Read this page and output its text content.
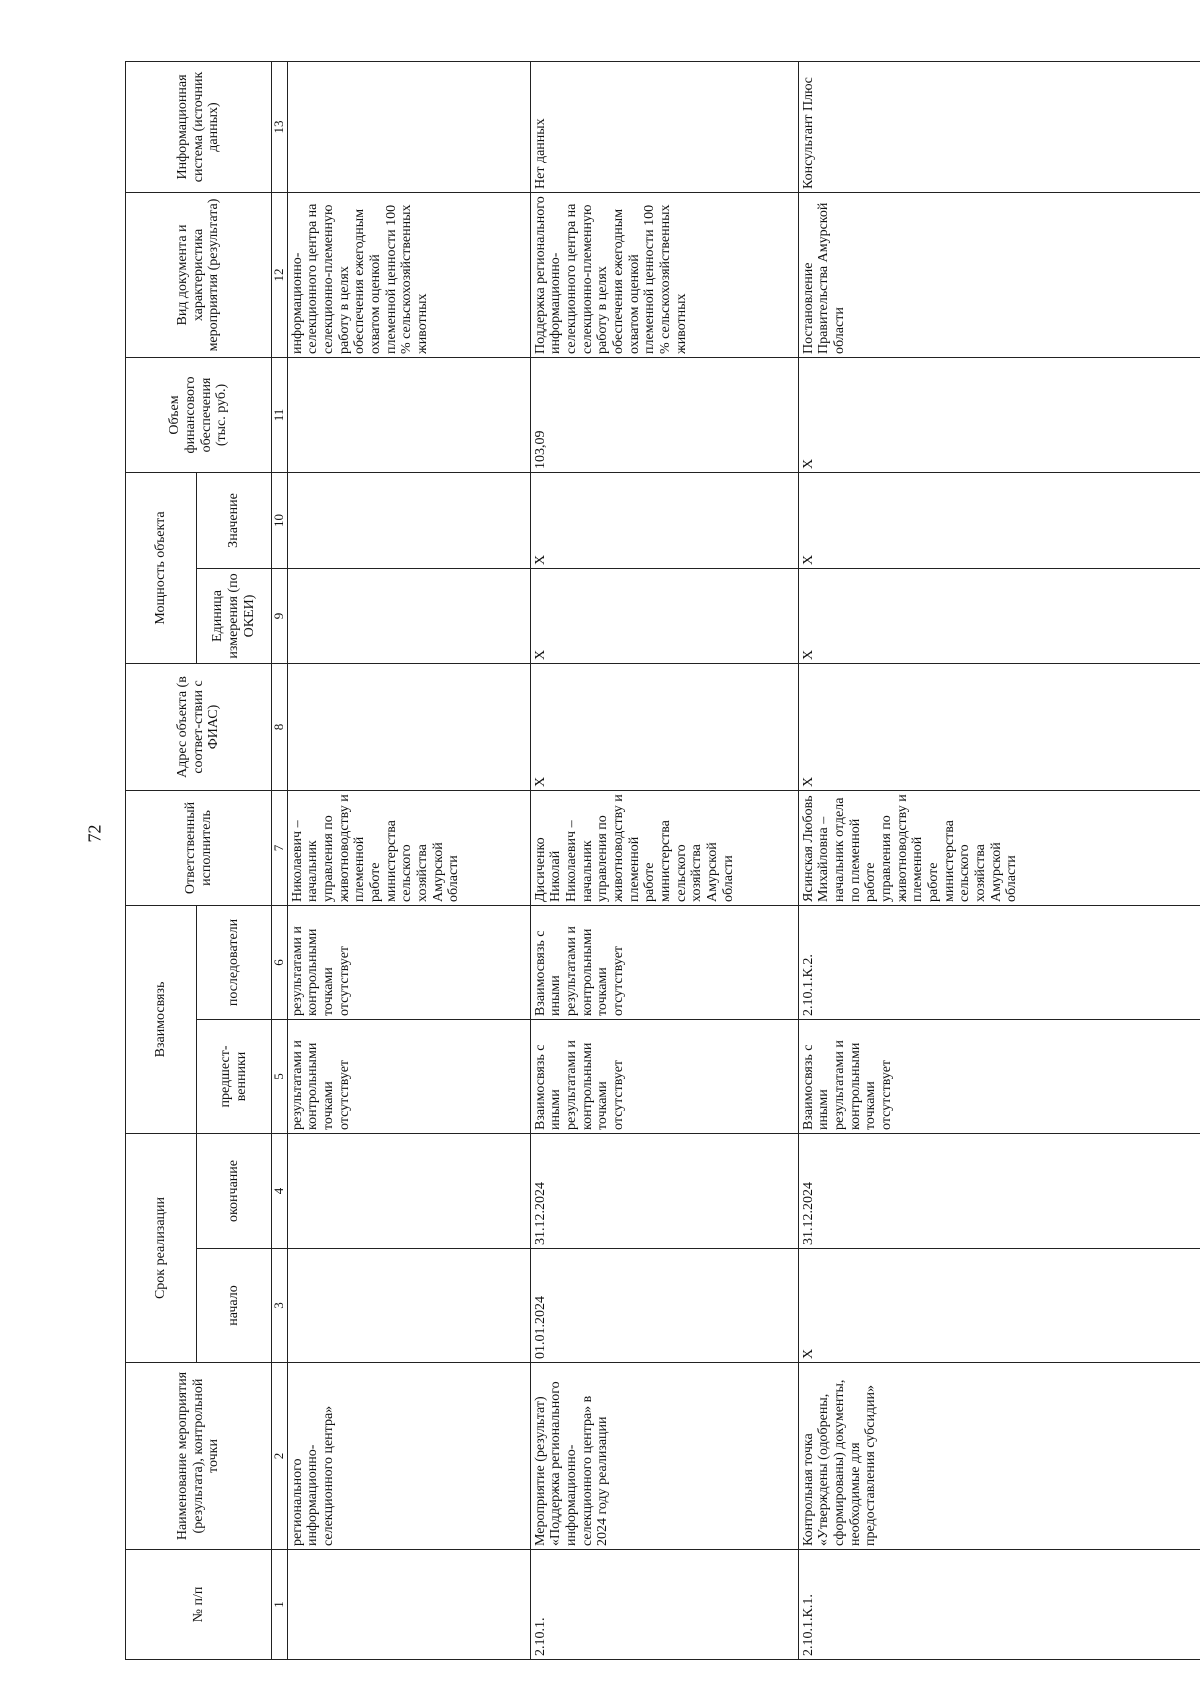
72
№ п/п	Наименование мероприятия (результата), контрольной точки	Срок реализации		Взаимосвязь		Ответственный исполнитель	Адрес объекта (в соответ-ствии с ФИАС)	Мощность объекта		Объем финансового обеспечения (тыс. руб.)	Вид документа и характеристика мероприятия (результата)	Информационная система (источник данных)
		начало	окончание	предшест-венники	последователи			Единица измерения (по ОКЕИ)	Значение			
1	2	3	4	5	6	7	8	9	10	11	12	13
	регионального информационно-селекционного центра»			результатами и контрольными точками отсутствует	результатами и контрольными точками отсутствует	Николаевич – начальник управления по животноводству и племенной работе министерства сельского хозяйства Амурской области					информационно-селекционного центра на селекционно-племенную работу в целях обеспечения ежегодным охватом оценкой племенной ценности 100 % сельскохозяйственных животных	
2.10.1.	Мероприятие (результат) «Поддержка регионального информационно-селекционного центра» в 2024 году реализации	01.01.2024	31.12.2024	Взаимосвязь с иными результатами и контрольными точками отсутствует	Взаимосвязь с иными результатами и контрольными точками отсутствует	Дисиченко Николай Николаевич – начальник управления по животноводству и племенной работе министерства сельского хозяйства Амурской области	X	X	X	103,09	Поддержка регионального информационно-селекционного центра на селекционно-племенную работу в целях обеспечения ежегодным охватом оценкой племенной ценности 100 % сельскохозяйственных животных	Нет данных
2.10.1.К.1.	Контрольная точка «Утверждены (одобрены, сформированы) документы, необходимые для предоставления субсидии»	X	31.12.2024	Взаимосвязь с иными результатами и контрольными точками отсутствует	2.10.1.К.2.	Ясинская Любовь Михайловна – начальник отдела по племенной работе управления по животноводству и племенной работе министерства сельского хозяйства Амурской области	X	X	X	X	Постановление Правительства Амурской области	Консультант Плюс
